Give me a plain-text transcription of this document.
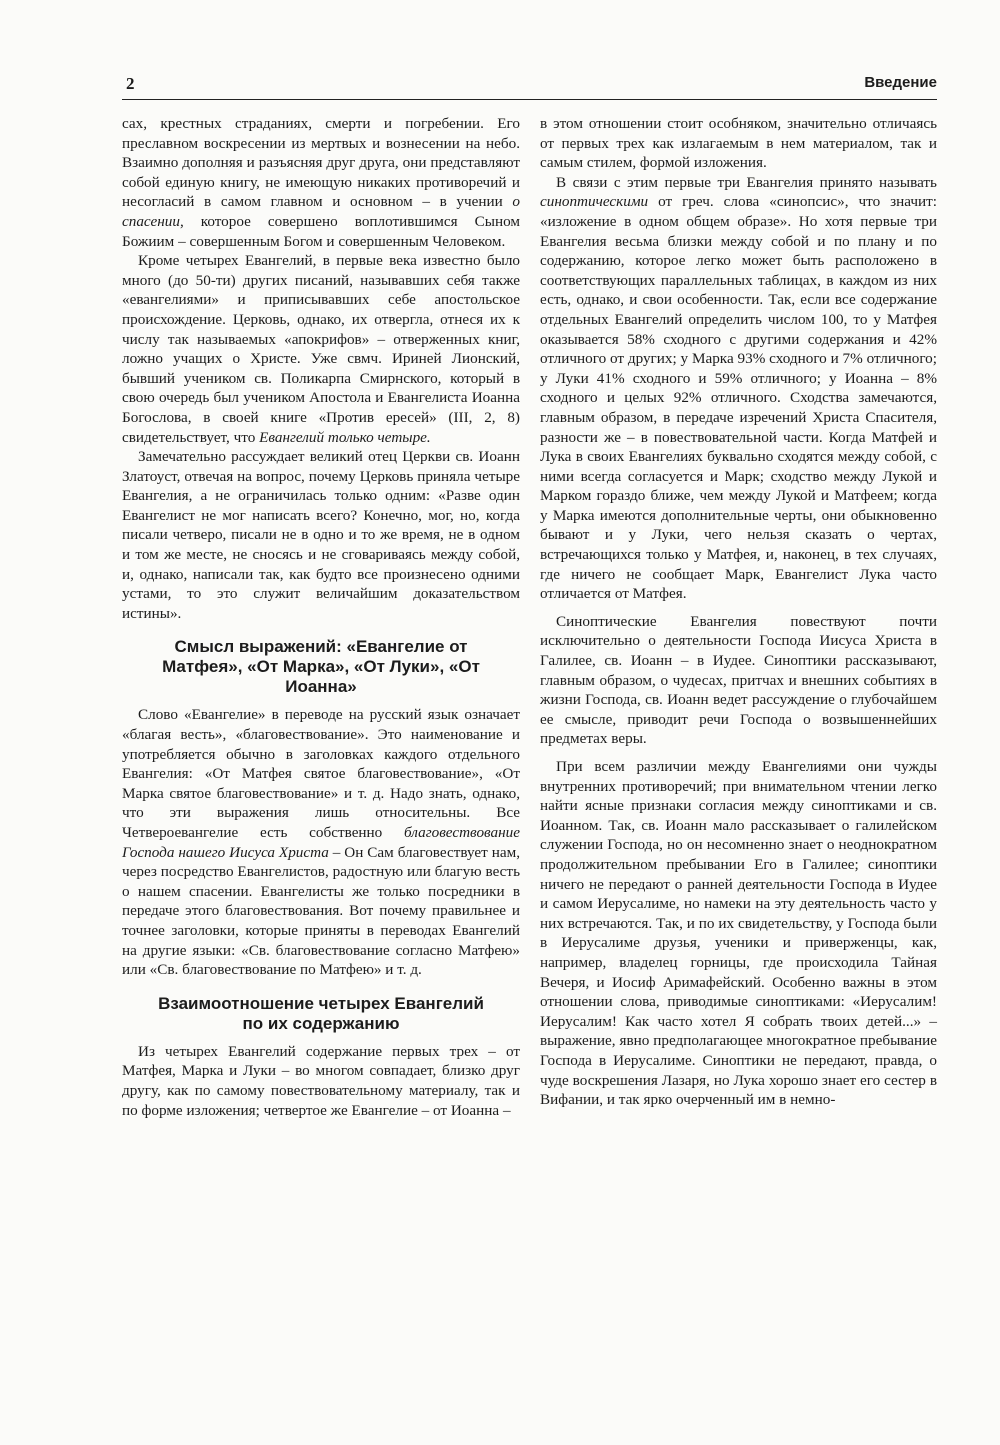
2	Введение

сах, крестных страданиях, смерти и погребении. Его преславном воскресении из мертвых и вознесении на небо. Взаимно дополняя и разъясняя друг друга, они представляют собой единую книгу, не имеющую никаких противоречий и несогласий в самом главном и основном – в учении о спасении, которое совершено воплотившимся Сыном Божиим – совершенным Богом и совершенным Человеком.

Кроме четырех Евангелий, в первые века известно было много (до 50-ти) других писаний, называвших себя также «евангелиями» и приписывавших себе апостольское происхождение. Церковь, однако, их отвергла, отнеся их к числу так называемых «апокрифов» – отверженных книг, ложно учащих о Христе. Уже свмч. Ириней Лионский, бывший учеником св. Поликарпа Смирнского, который в свою очередь был учеником Апостола и Евангелиста Иоанна Богослова, в своей книге «Против ересей» (III, 2, 8) свидетельствует, что Евангелий только четыре.

Замечательно рассуждает великий отец Церкви св. Иоанн Златоуст, отвечая на вопрос, почему Церковь приняла четыре Евангелия, а не ограничилась только одним: «Разве один Евангелист не мог написать всего? Конечно, мог, но, когда писали четверо, писали не в одно и то же время, не в одном и том же месте, не сносясь и не сговариваясь между собой, и, однако, написали так, как будто все произнесено одними устами, то это служит величайшим доказательством истины».

Смысл выражений: «Евангелие от Матфея», «От Марка», «От Луки», «От Иоанна»

Слово «Евангелие» в переводе на русский язык означает «благая весть», «благовествование». Это наименование и употребляется обычно в заголовках каждого отдельного Евангелия: «От Матфея святое благовествование», «От Марка святое благовествование» и т. д. Надо знать, однако, что эти выражения лишь относительны. Все Четвероевангелие есть собственно благовествование Господа нашего Иисуса Христа – Он Сам благовествует нам, через посредство Евангелистов, радостную или благую весть о нашем спасении. Евангелисты же только посредники в передаче этого благовествования. Вот почему правильнее и точнее заголовки, которые приняты в переводах Евангелий на другие языки: «Св. благовествование согласно Матфею» или «Св. благовествование по Матфею» и т. д.

Взаимоотношение четырех Евангелий по их содержанию

Из четырех Евангелий содержание первых трех – от Матфея, Марка и Луки – во многом совпадает, близко друг другу, как по самому повествовательному материалу, так и по форме изложения; четвертое же Евангелие – от Иоанна –

в этом отношении стоит особняком, значительно отличаясь от первых трех как излагаемым в нем материалом, так и самым стилем, формой изложения.

В связи с этим первые три Евангелия принято называть синоптическими от греч. слова «синопсис», что значит: «изложение в одном общем образе». Но хотя первые три Евангелия весьма близки между собой и по плану и по содержанию, которое легко может быть расположено в соответствующих параллельных таблицах, в каждом из них есть, однако, и свои особенности. Так, если все содержание отдельных Евангелий определить числом 100, то у Матфея оказывается 58% сходного с другими содержания и 42% отличного от других; у Марка 93% сходного и 7% отличного; у Луки 41% сходного и 59% отличного; у Иоанна – 8% сходного и целых 92% отличного. Сходства замечаются, главным образом, в передаче изречений Христа Спасителя, разности же – в повествовательной части. Когда Матфей и Лука в своих Евангелиях буквально сходятся между собой, с ними всегда согласуется и Марк; сходство между Лукой и Марком гораздо ближе, чем между Лукой и Матфеем; когда у Марка имеются дополнительные черты, они обыкновенно бывают и у Луки, чего нельзя сказать о чертах, встречающихся только у Матфея, и, наконец, в тех случаях, где ничего не сообщает Марк, Евангелист Лука часто отличается от Матфея.

Синоптические Евангелия повествуют почти исключительно о деятельности Господа Иисуса Христа в Галилее, св. Иоанн – в Иудее. Синоптики рассказывают, главным образом, о чудесах, притчах и внешних событиях в жизни Господа, св. Иоанн ведет рассуждение о глубочайшем ее смысле, приводит речи Господа о возвышеннейших предметах веры.

При всем различии между Евангелиями они чужды внутренних противоречий; при внимательном чтении легко найти ясные признаки согласия между синоптиками и св. Иоанном. Так, св. Иоанн мало рассказывает о галилейском служении Господа, но он несомненно знает о неоднократном продолжительном пребывании Его в Галилее; синоптики ничего не передают о ранней деятельности Господа в Иудее и самом Иерусалиме, но намеки на эту деятельность часто у них встречаются. Так, и по их свидетельству, у Господа были в Иерусалиме друзья, ученики и приверженцы, как, например, владелец горницы, где происходила Тайная Вечеря, и Иосиф Аримафейский. Особенно важны в этом отношении слова, приводимые синоптиками: «Иерусалим! Иерусалим! Как часто хотел Я собрать твоих детей...» – выражение, явно предполагающее многократное пребывание Господа в Иерусалиме. Синоптики не передают, правда, о чуде воскрешения Лазаря, но Лука хорошо знает его сестер в Вифании, и так ярко очерченный им в немно-
